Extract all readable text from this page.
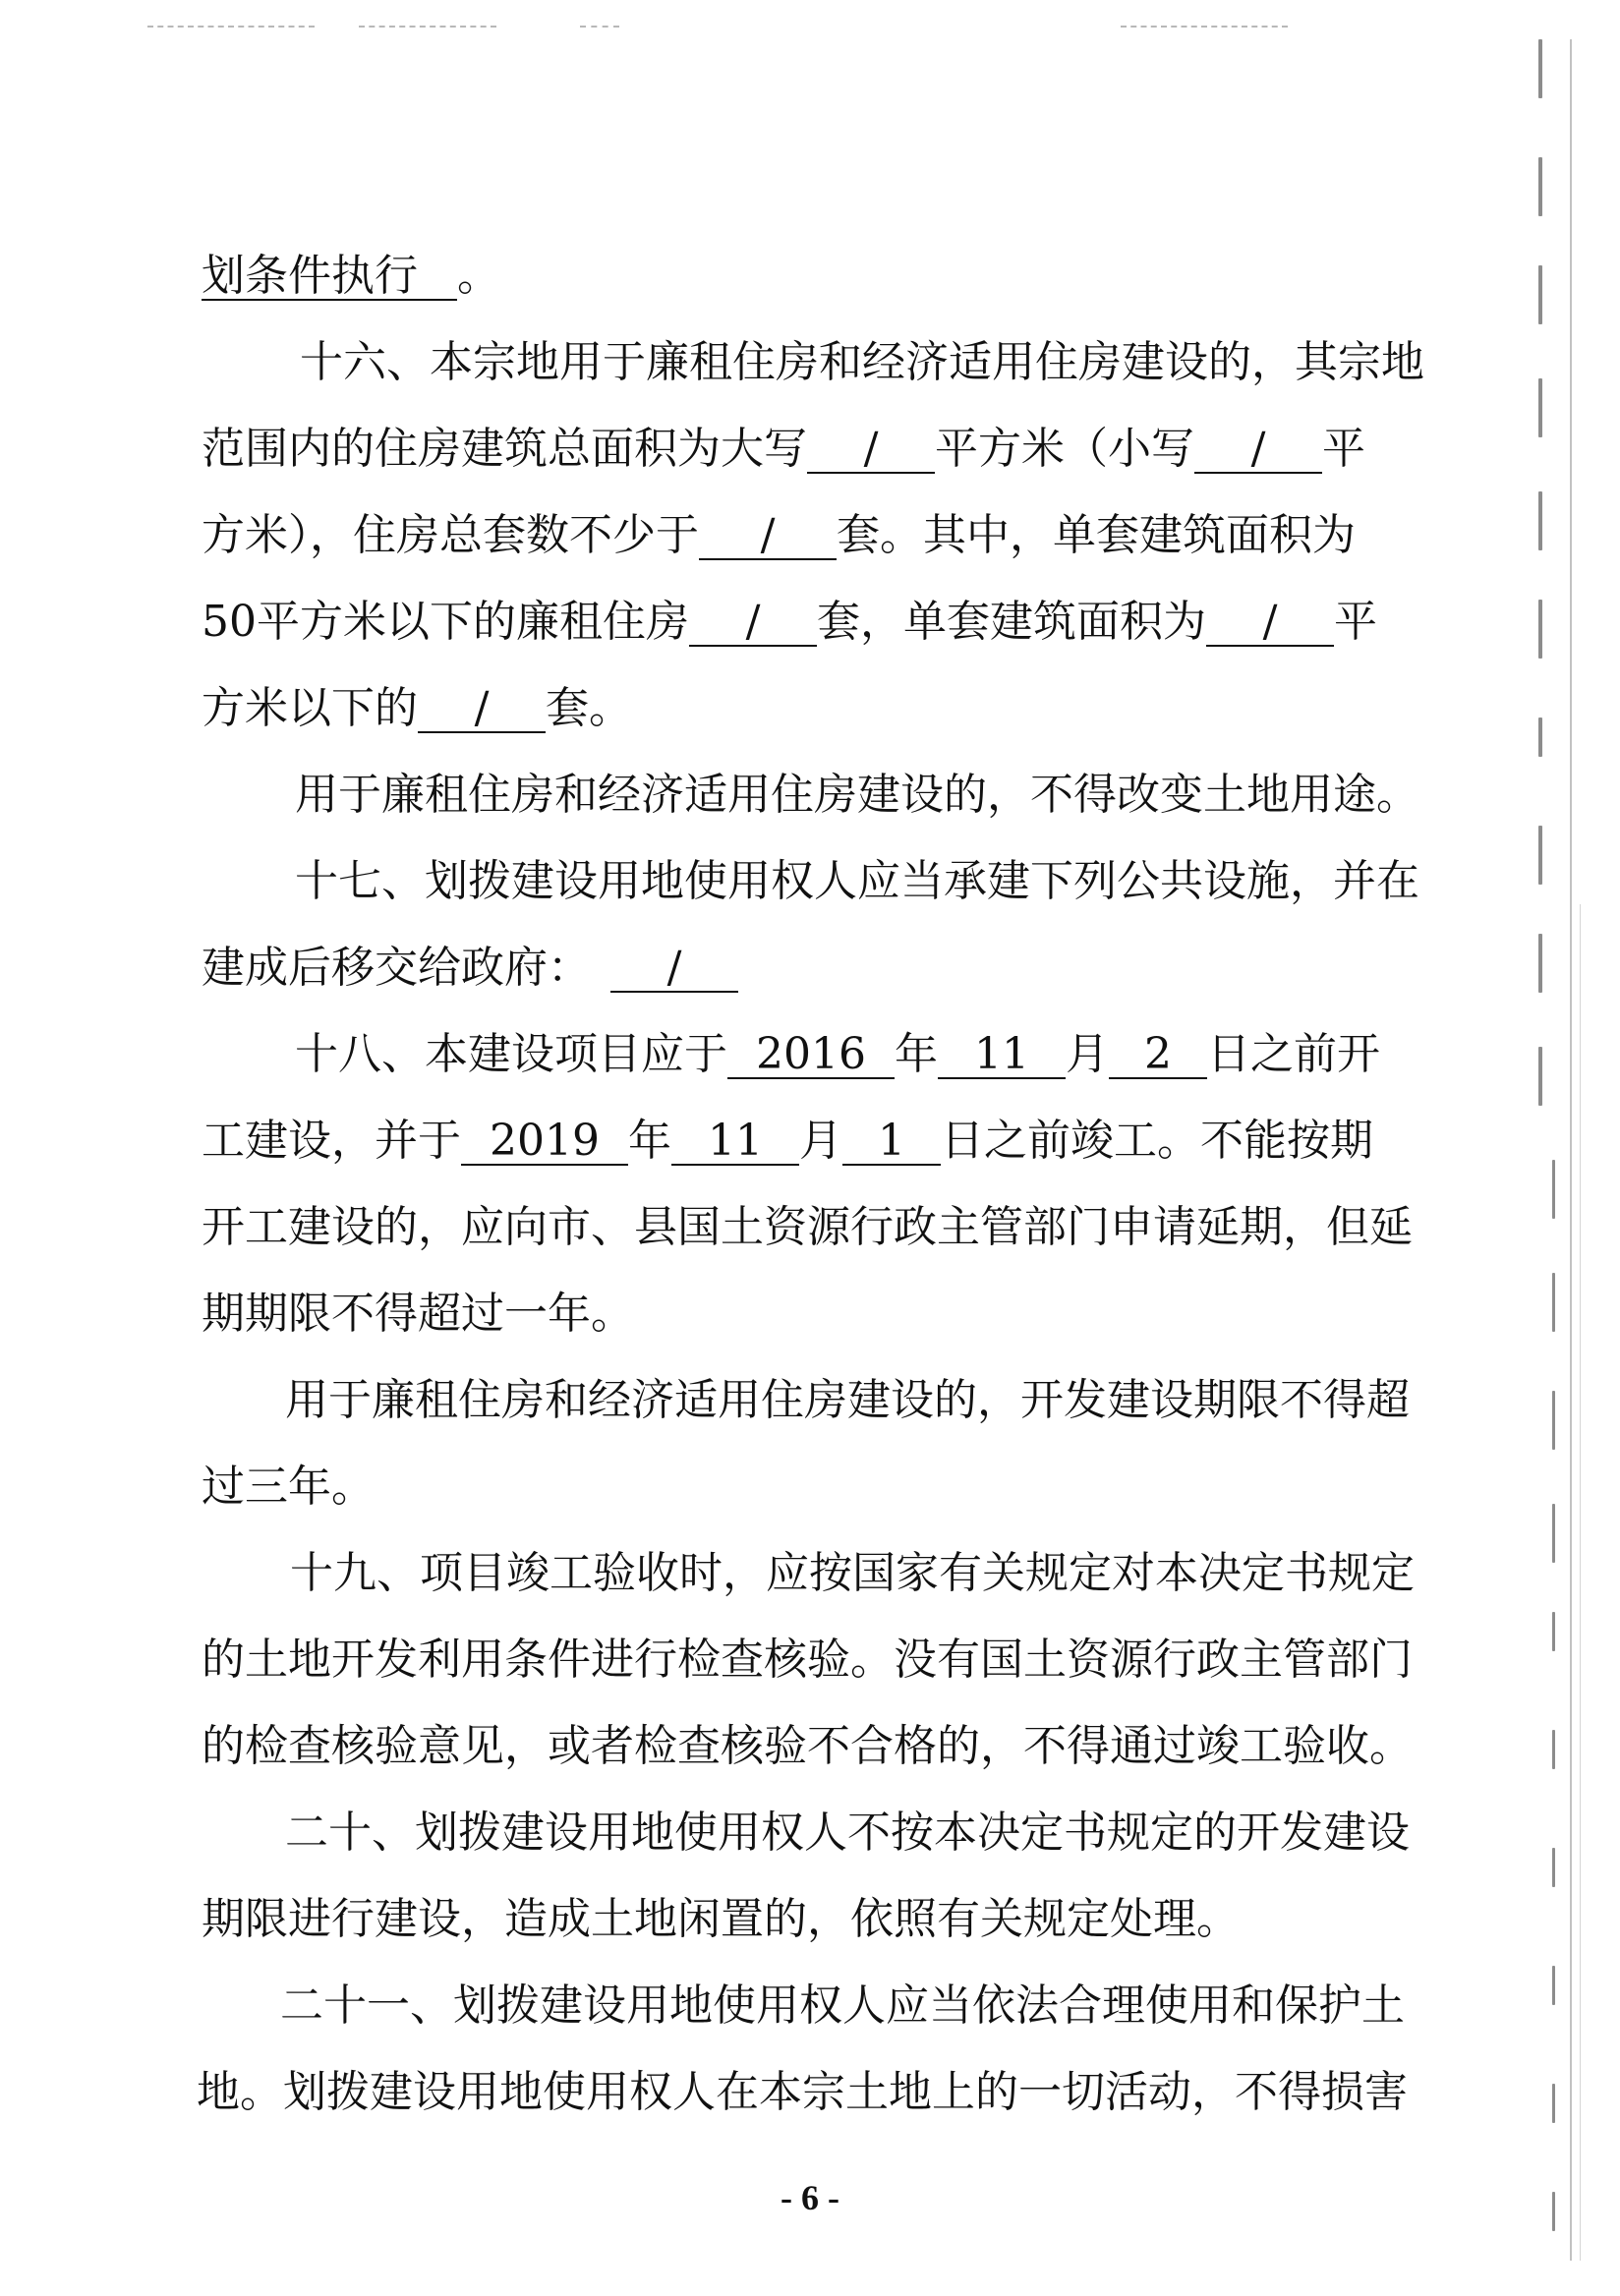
划条件执行 。

十六、本宗地用于廉租住房和经济适用住房建设的，其宗地

范围内的住房建筑总面积为大写 / 平方米（小写 / 平

方米），住房总套数不少于 / 套。其中，单套建筑面积为

50平方米以下的廉租住房 / 套，单套建筑面积为 / 平

方米以下的 / 套。

用于廉租住房和经济适用住房建设的，不得改变土地用途。

十七、划拨建设用地使用权人应当承建下列公共设施，并在

建成后移交给政府： /

十八、本建设项目应于 2016 年 11 月 2 日之前开

工建设，并于 2019 年 11 月 1 日之前竣工。不能按期

开工建设的，应向市、县国土资源行政主管部门申请延期，但延

期期限不得超过一年。

用于廉租住房和经济适用住房建设的，开发建设期限不得超

过三年。

十九、项目竣工验收时，应按国家有关规定对本决定书规定

的土地开发利用条件进行检查核验。没有国土资源行政主管部门

的检查核验意见，或者检查核验不合格的，不得通过竣工验收。

二十、划拨建设用地使用权人不按本决定书规定的开发建设

期限进行建设，造成土地闲置的，依照有关规定处理。

二十一、划拨建设用地使用权人应当依法合理使用和保护土

地。划拨建设用地使用权人在本宗土地上的一切活动，不得损害

- 6 -
